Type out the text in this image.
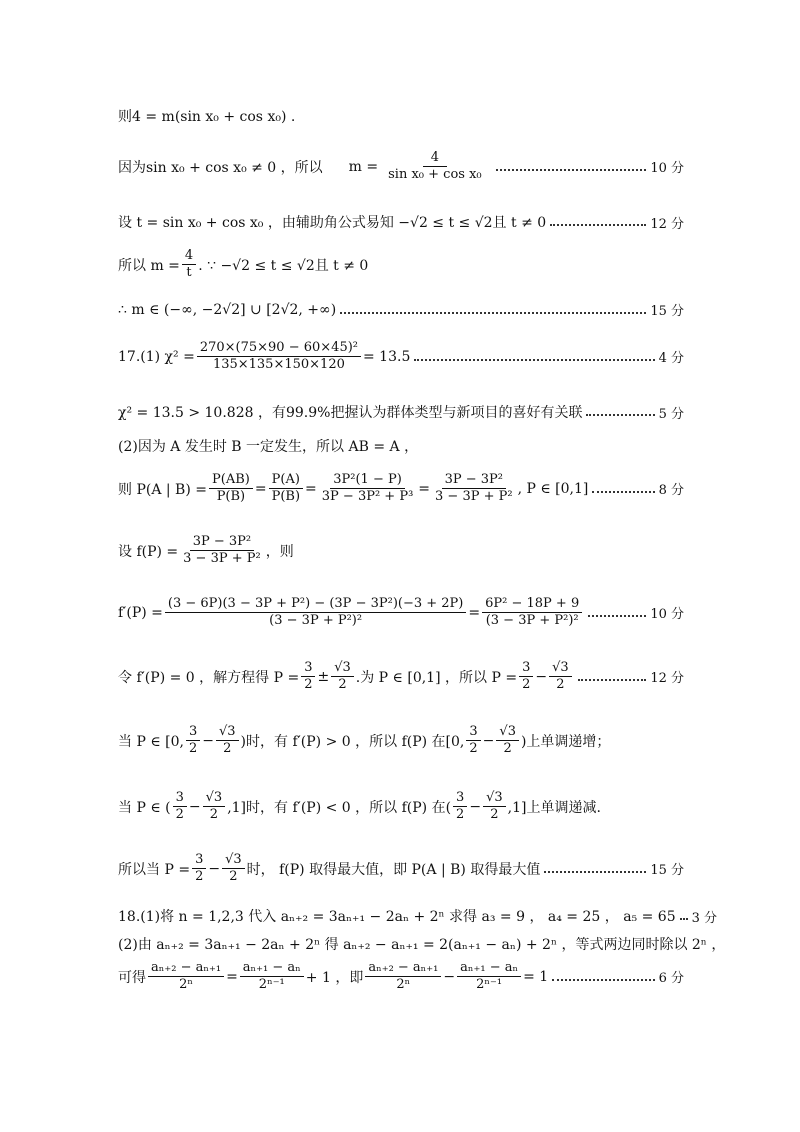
则4 = m(sin x₀ + cos x₀) .
因为sin x₀ + cos x₀ ≠ 0 ，所以 $m = \frac{4}{\text{sin x₀ + cos x₀}}$	10 分
设 t = sin x₀ + cos x₀ ，由辅助角公式易知 −√2 ≤ t ≤ √2且 t ≠ 0	12 分
所以 $m = \frac{4}{t}$ . ∵ −√2 ≤ t ≤ √2且 t ≠ 0
∴ m ∈ (−∞, −2√2] ∪ [2√2, +∞)	15 分
17.(1) $\chi^2 = \frac{\text{270×(75×90 − 60×45)²}}{135\times 135\times 150\times 120} = 13.5$	4 分
χ² = 13.5 > 10.828 ，有99.9%把握认为群体类型与新项目的喜好有关联	5 分
(2)因为 A 发生时 B 一定发生，所以 AB = A ，
则 P(A | $B) = \frac{P(AB)}{P(B)} = \frac{P(A)}{P(B)} = \frac{\text{3P²(1 − P)}}{\text{3P − 3P² + P³}} = \frac{\text{3P − 3P²}}{\text{3 − 3P + P²}}$ , P ∈ [0,1]	8 分
设 $f(P) = \frac{\text{3P − 3P²}}{\text{3 − 3P + P²}}$ ，则
$f'(P) = \frac{\text{(3 − 6P)(3 − 3P + P²) − (3P − 3P²)(−3 + 2P)}}{\text{(3 − 3P + P²)²}} = \frac{\text{6P² − 18P + 9}}{\text{(3 − 3P + P²)²}}$	10 分
令 f′(P) = 0 ，解方程得 $P = \frac{3}{2} \pm \frac{√3}{2}$ .为 P ∈ [0,1] ，所以 $P = \frac{3}{2} - \frac{√3}{2}$	12 分
当 P ∈ [0, $\frac{3}{2} - \frac{√3}{2}$ )时，有 f′(P) > 0 ，所以 f(P) 在[0, $\frac{3}{2} - \frac{√3}{2}$ )上单调递增；
当 P ∈ ( $\frac{3}{2} - \frac{√3}{2} ,1$]时，有 f′(P) < 0 ，所以 f(P) 在( $\frac{3}{2} - \frac{√3}{2} ,1$]上单调递减.
所以当 $P = \frac{3}{2} - \frac{√3}{2}$ 时， f(P) 取得最大值，即 P(A | B) 取得最大值	15 分
18.(1)将 n = 1,2,3 代入 aₙ₊₂ = 3aₙ₊₁ − 2aₙ + 2ⁿ 求得 a₃ = 9 ， a₄ = 25 ， a₅ = 65 3 分
(2)由 aₙ₊₂ = 3aₙ₊₁ − 2aₙ + 2ⁿ 得 aₙ₊₂ − aₙ₊₁ = 2(aₙ₊₁ − aₙ) + 2ⁿ ，等式两边同时除以 2ⁿ ，
可得 $\frac{\text{aₙ₊₂ − aₙ₊₁}}{\text{2ⁿ}} = \frac{\text{aₙ₊₁ − aₙ}}{\text{2ⁿ⁻¹}} + 1$ ，即 $\frac{\text{aₙ₊₂ − aₙ₊₁}}{\text{2ⁿ}} - \frac{\text{aₙ₊₁ − aₙ}}{\text{2ⁿ⁻¹}} = 1$	6 分
